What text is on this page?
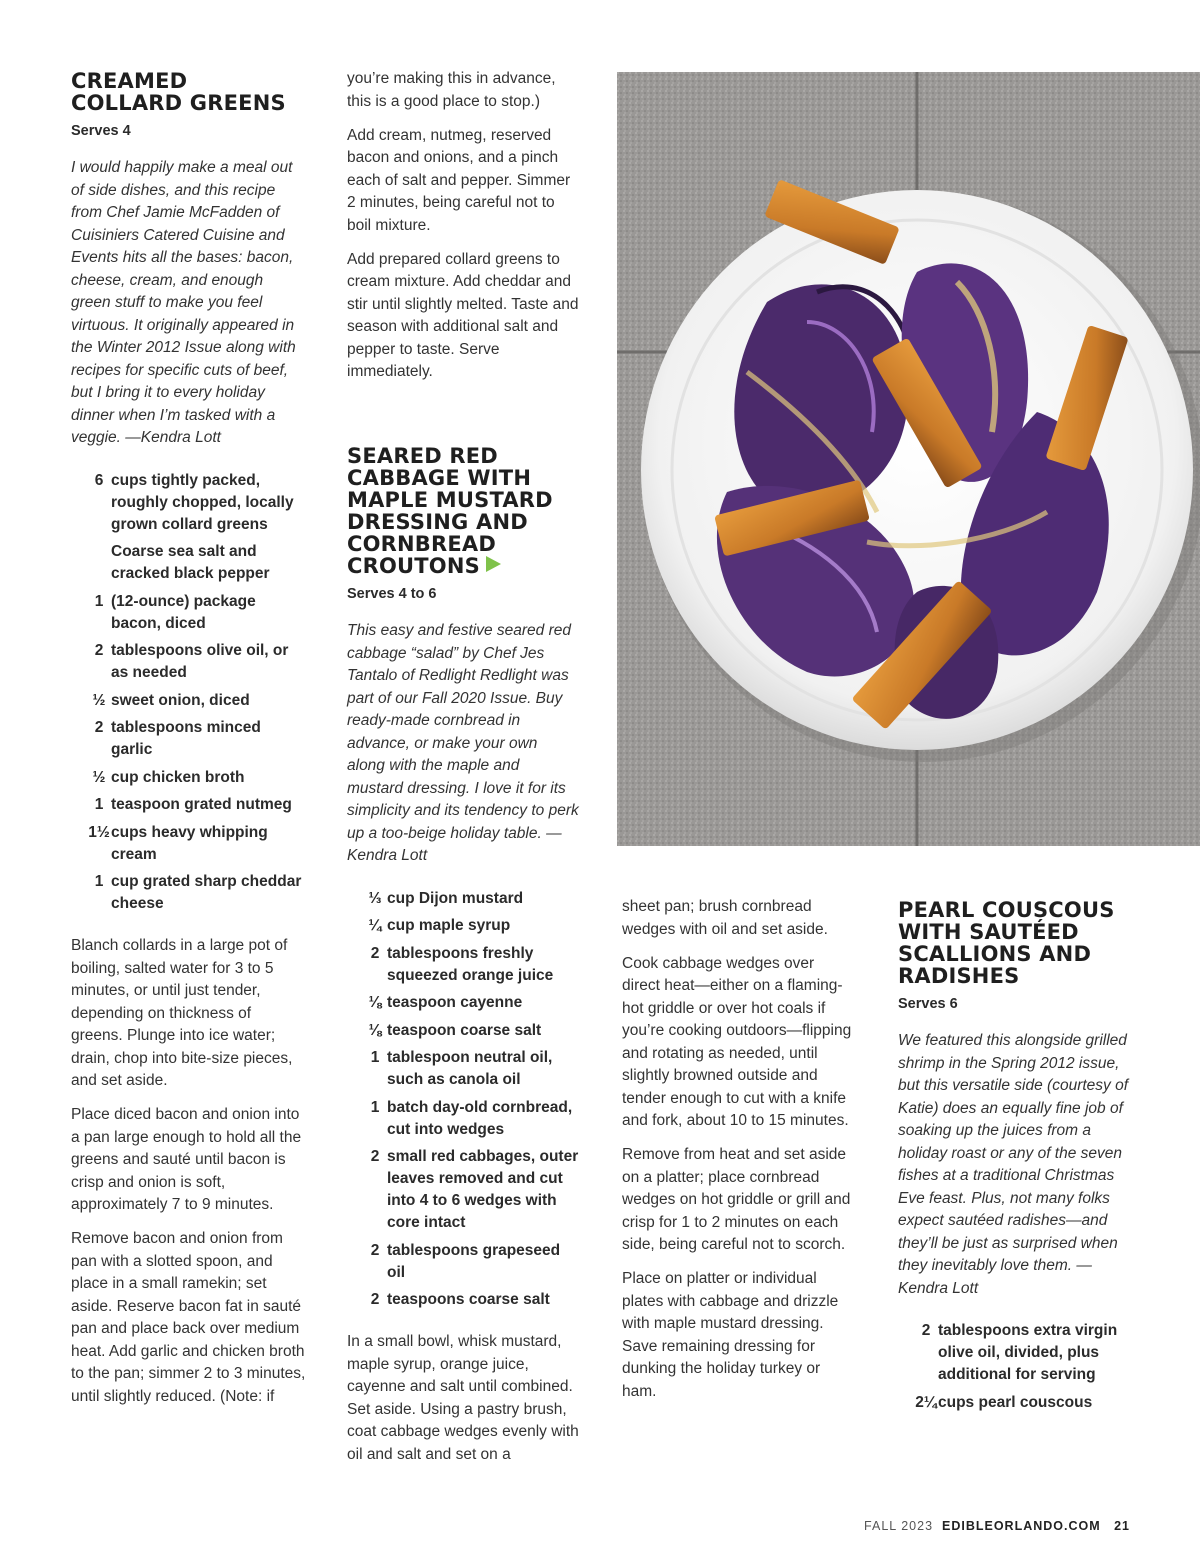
CREAMED COLLARD GREENS
Serves 4

I would happily make a meal out of side dishes, and this recipe from Chef Jamie McFadden of Cuisiniers Catered Cuisine and Events hits all the bases: bacon, cheese, cream, and enough green stuff to make you feel virtuous. It originally appeared in the Winter 2012 Issue along with recipes for specific cuts of beef, but I bring it to every holiday dinner when I’m tasked with a veggie. —Kendra Lott

6 cups tightly packed, roughly chopped, locally grown collard greens
Coarse sea salt and cracked black pepper
1 (12-ounce) package bacon, diced
2 tablespoons olive oil, or as needed
½ sweet onion, diced
2 tablespoons minced garlic
½ cup chicken broth
1 teaspoon grated nutmeg
1½ cups heavy whipping cream
1 cup grated sharp cheddar cheese

Blanch collards in a large pot of boiling, salted water for 3 to 5 minutes, or until just tender, depending on thickness of greens. Plunge into ice water; drain, chop into bite-size pieces, and set aside.

Place diced bacon and onion into a pan large enough to hold all the greens and sauté until bacon is crisp and onion is soft, approximately 7 to 9 minutes.

Remove bacon and onion from pan with a slotted spoon, and place in a small ramekin; set aside. Reserve bacon fat in sauté pan and place back over medium heat. Add garlic and chicken broth to the pan; simmer 2 to 3 minutes, until slightly reduced. (Note: if

you’re making this in advance, this is a good place to stop.)

Add cream, nutmeg, reserved bacon and onions, and a pinch each of salt and pepper. Simmer 2 minutes, being careful not to boil mixture.

Add prepared collard greens to cream mixture. Add cheddar and stir until slightly melted. Taste and season with additional salt and pepper to taste. Serve immediately.

SEARED RED CABBAGE WITH MAPLE MUSTARD DRESSING AND CORNBREAD CROUTONS
Serves 4 to 6

This easy and festive seared red cabbage “salad” by Chef Jes Tantalo of Redlight Redlight was part of our Fall 2020 Issue. Buy ready-made cornbread in advance, or make your own along with the maple and mustard dressing. I love it for its simplicity and its tendency to perk up a too-beige holiday table. —Kendra Lott

⅓ cup Dijon mustard
¼ cup maple syrup
2 tablespoons freshly squeezed orange juice
⅛ teaspoon cayenne
⅛ teaspoon coarse salt
1 tablespoon neutral oil, such as canola oil
1 batch day-old cornbread, cut into wedges
2 small red cabbages, outer leaves removed and cut into 4 to 6 wedges with core intact
2 tablespoons grapeseed oil
2 teaspoons coarse salt

In a small bowl, whisk mustard, maple syrup, orange juice, cayenne and salt until combined. Set aside. Using a pastry brush, coat cabbage wedges evenly with oil and salt and set on a

sheet pan; brush cornbread wedges with oil and set aside.

Cook cabbage wedges over direct heat—either on a flaming-hot griddle or over hot coals if you’re cooking outdoors—flipping and rotating as needed, until slightly browned outside and tender enough to cut with a knife and fork, about 10 to 15 minutes.

Remove from heat and set aside on a platter; place cornbread wedges on hot griddle or grill and crisp for 1 to 2 minutes on each side, being careful not to scorch.

Place on platter or individual plates with cabbage and drizzle with maple mustard dressing. Save remaining dressing for dunking the holiday turkey or ham.

PEARL COUSCOUS WITH SAUTÉED SCALLIONS AND RADISHES
Serves 6

We featured this alongside grilled shrimp in the Spring 2012 issue, but this versatile side (courtesy of Katie) does an equally fine job of soaking up the juices from a holiday roast or any of the seven fishes at a traditional Christmas Eve feast. Plus, not many folks expect sautéed radishes—and they’ll be just as surprised when they inevitably love them. —Kendra Lott

2 tablespoons extra virgin olive oil, divided, plus additional for serving
2¼ cups pearl couscous
FALL 2023 EDIBLEORLANDO.COM 21
